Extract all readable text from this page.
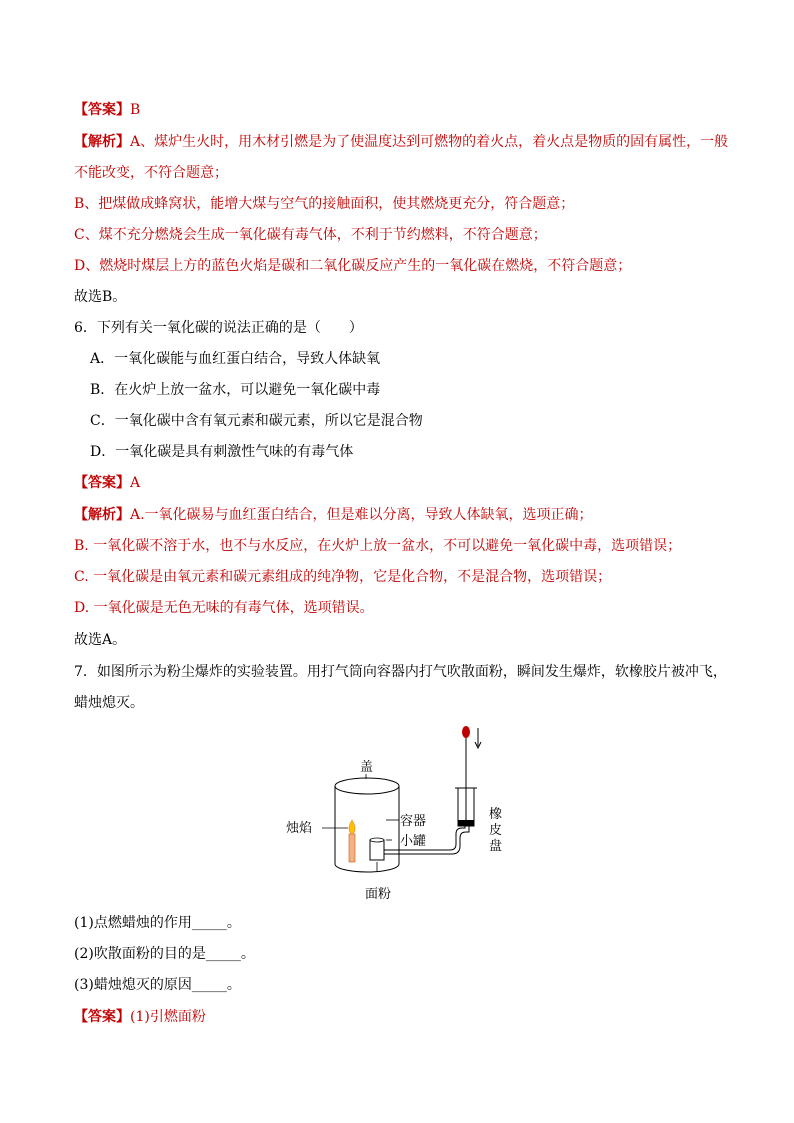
【答案】B
【解析】A、煤炉生火时，用木材引燃是为了使温度达到可燃物的着火点，着火点是物质的固有属性，一般
不能改变，不符合题意；
B、把煤做成蜂窝状，能增大煤与空气的接触面积，使其燃烧更充分，符合题意；
C、煤不充分燃烧会生成一氧化碳有毒气体，不利于节约燃料，不符合题意；
D、燃烧时煤层上方的蓝色火焰是碳和二氧化碳反应产生的一氧化碳在燃烧，不符合题意；
故选B。
6．下列有关一氧化碳的说法正确的是（　　）
A．一氧化碳能与血红蛋白结合，导致人体缺氧
B．在火炉上放一盆水，可以避免一氧化碳中毒
C．一氧化碳中含有氧元素和碳元素，所以它是混合物
D．一氧化碳是具有刺激性气味的有毒气体
【答案】A
【解析】A.一氧化碳易与血红蛋白结合，但是难以分离，导致人体缺氧，选项正确；
B. 一氧化碳不溶于水，也不与水反应，在火炉上放一盆水，不可以避免一氧化碳中毒，选项错误；
C. 一氧化碳是由氧元素和碳元素组成的纯净物，它是化合物，不是混合物，选项错误；
D. 一氧化碳是无色无味的有毒气体，选项错误。
故选A。
7．如图所示为粉尘爆炸的实验装置。用打气筒向容器内打气吹散面粉，瞬间发生爆炸，软橡胶片被冲飞，
蜡烛熄灭。
盖
烛焰	容器
小罐
橡
皮
盘
面粉
(1)点燃蜡烛的作用_____。
(2)吹散面粉的目的是_____。
(3)蜡烛熄灭的原因_____。
【答案】(1)引燃面粉
